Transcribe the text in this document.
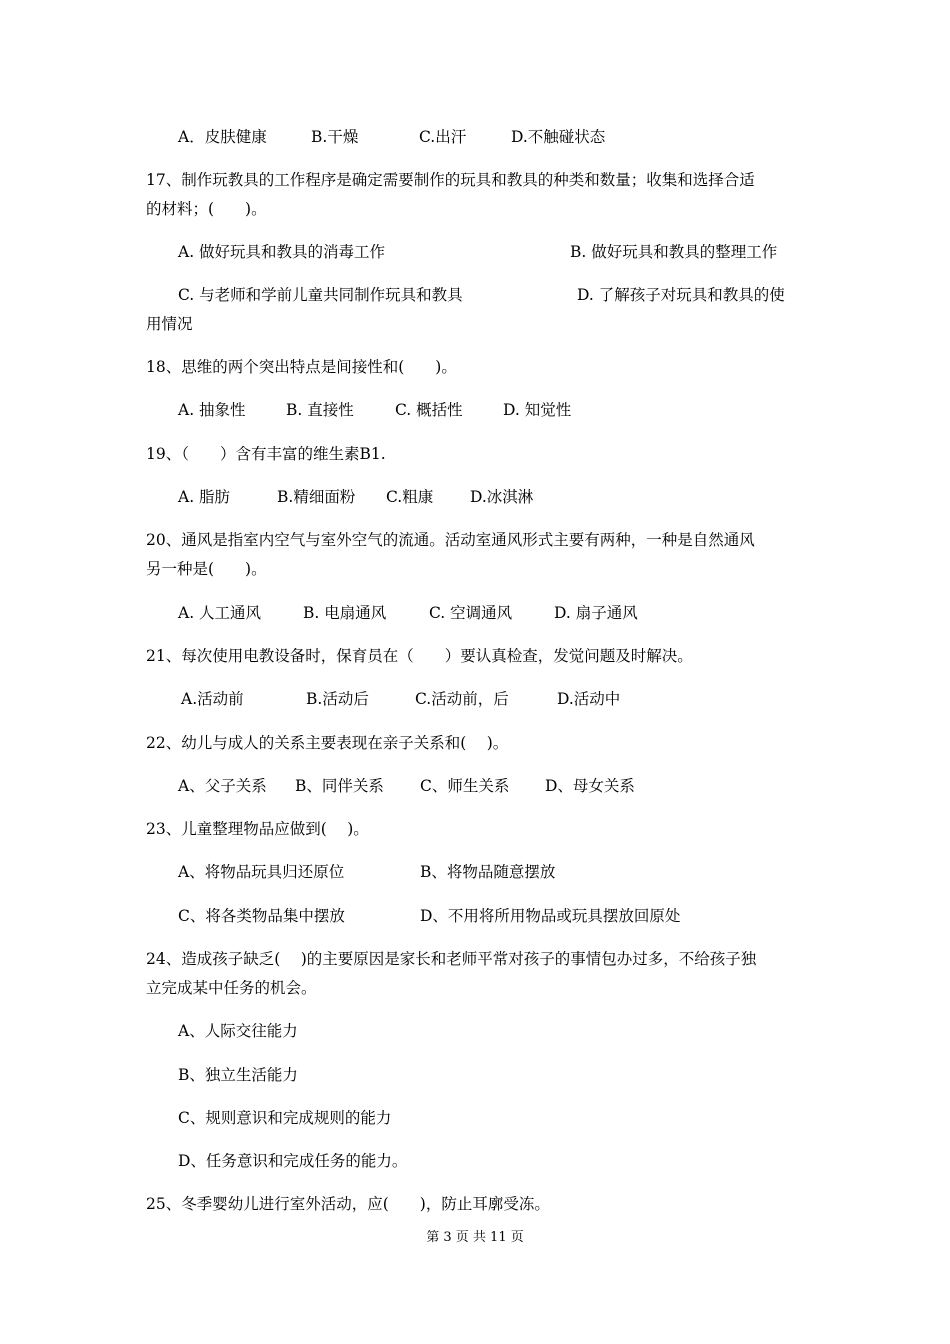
A．皮肤健康	B.干燥	C.出汗	D.不触碰状态
17、制作玩教具的工作程序是确定需要制作的玩具和教具的种类和数量；收集和选择合适
的材料；(　　)。
A. 做好玩具和教具的消毒工作	B. 做好玩具和教具的整理工作
C. 与老师和学前儿童共同制作玩具和教具	D. 了解孩子对玩具和教具的使
用情况
18、思维的两个突出特点是间接性和(　　)。
A. 抽象性	B. 直接性	C. 概括性	D. 知觉性
19、（　　）含有丰富的维生素B1.
A. 脂肪	B.精细面粉 C.粗康 D.冰淇淋
20、通风是指室内空气与室外空气的流通。活动室通风形式主要有两种，一种是自然通风
另一种是(　　)。
A. 人工通风	B. 电扇通风	C. 空调通风	D. 扇子通风
21、每次使用电教设备时，保育员在（　　）要认真检查，发觉问题及时解决。
A.活动前	B.活动后	C.活动前，后	D.活动中
22、幼儿与成人的关系主要表现在亲子关系和(　 )。
A、父子关系 B、同伴关系 C、师生关系 D、母女关系
23、儿童整理物品应做到(　 )。
A、将物品玩具归还原位	B、将物品随意摆放
C、将各类物品集中摆放	D、不用将所用物品或玩具摆放回原处
24、造成孩子缺乏(　 )的主要原因是家长和老师平常对孩子的事情包办过多，不给孩子独
立完成某中任务的机会。
A、人际交往能力
B、独立生活能力
C、规则意识和完成规则的能力
D、任务意识和完成任务的能力。
25、冬季婴幼儿进行室外活动，应(　　)，防止耳廓受冻。
第 3 页 共 11 页
